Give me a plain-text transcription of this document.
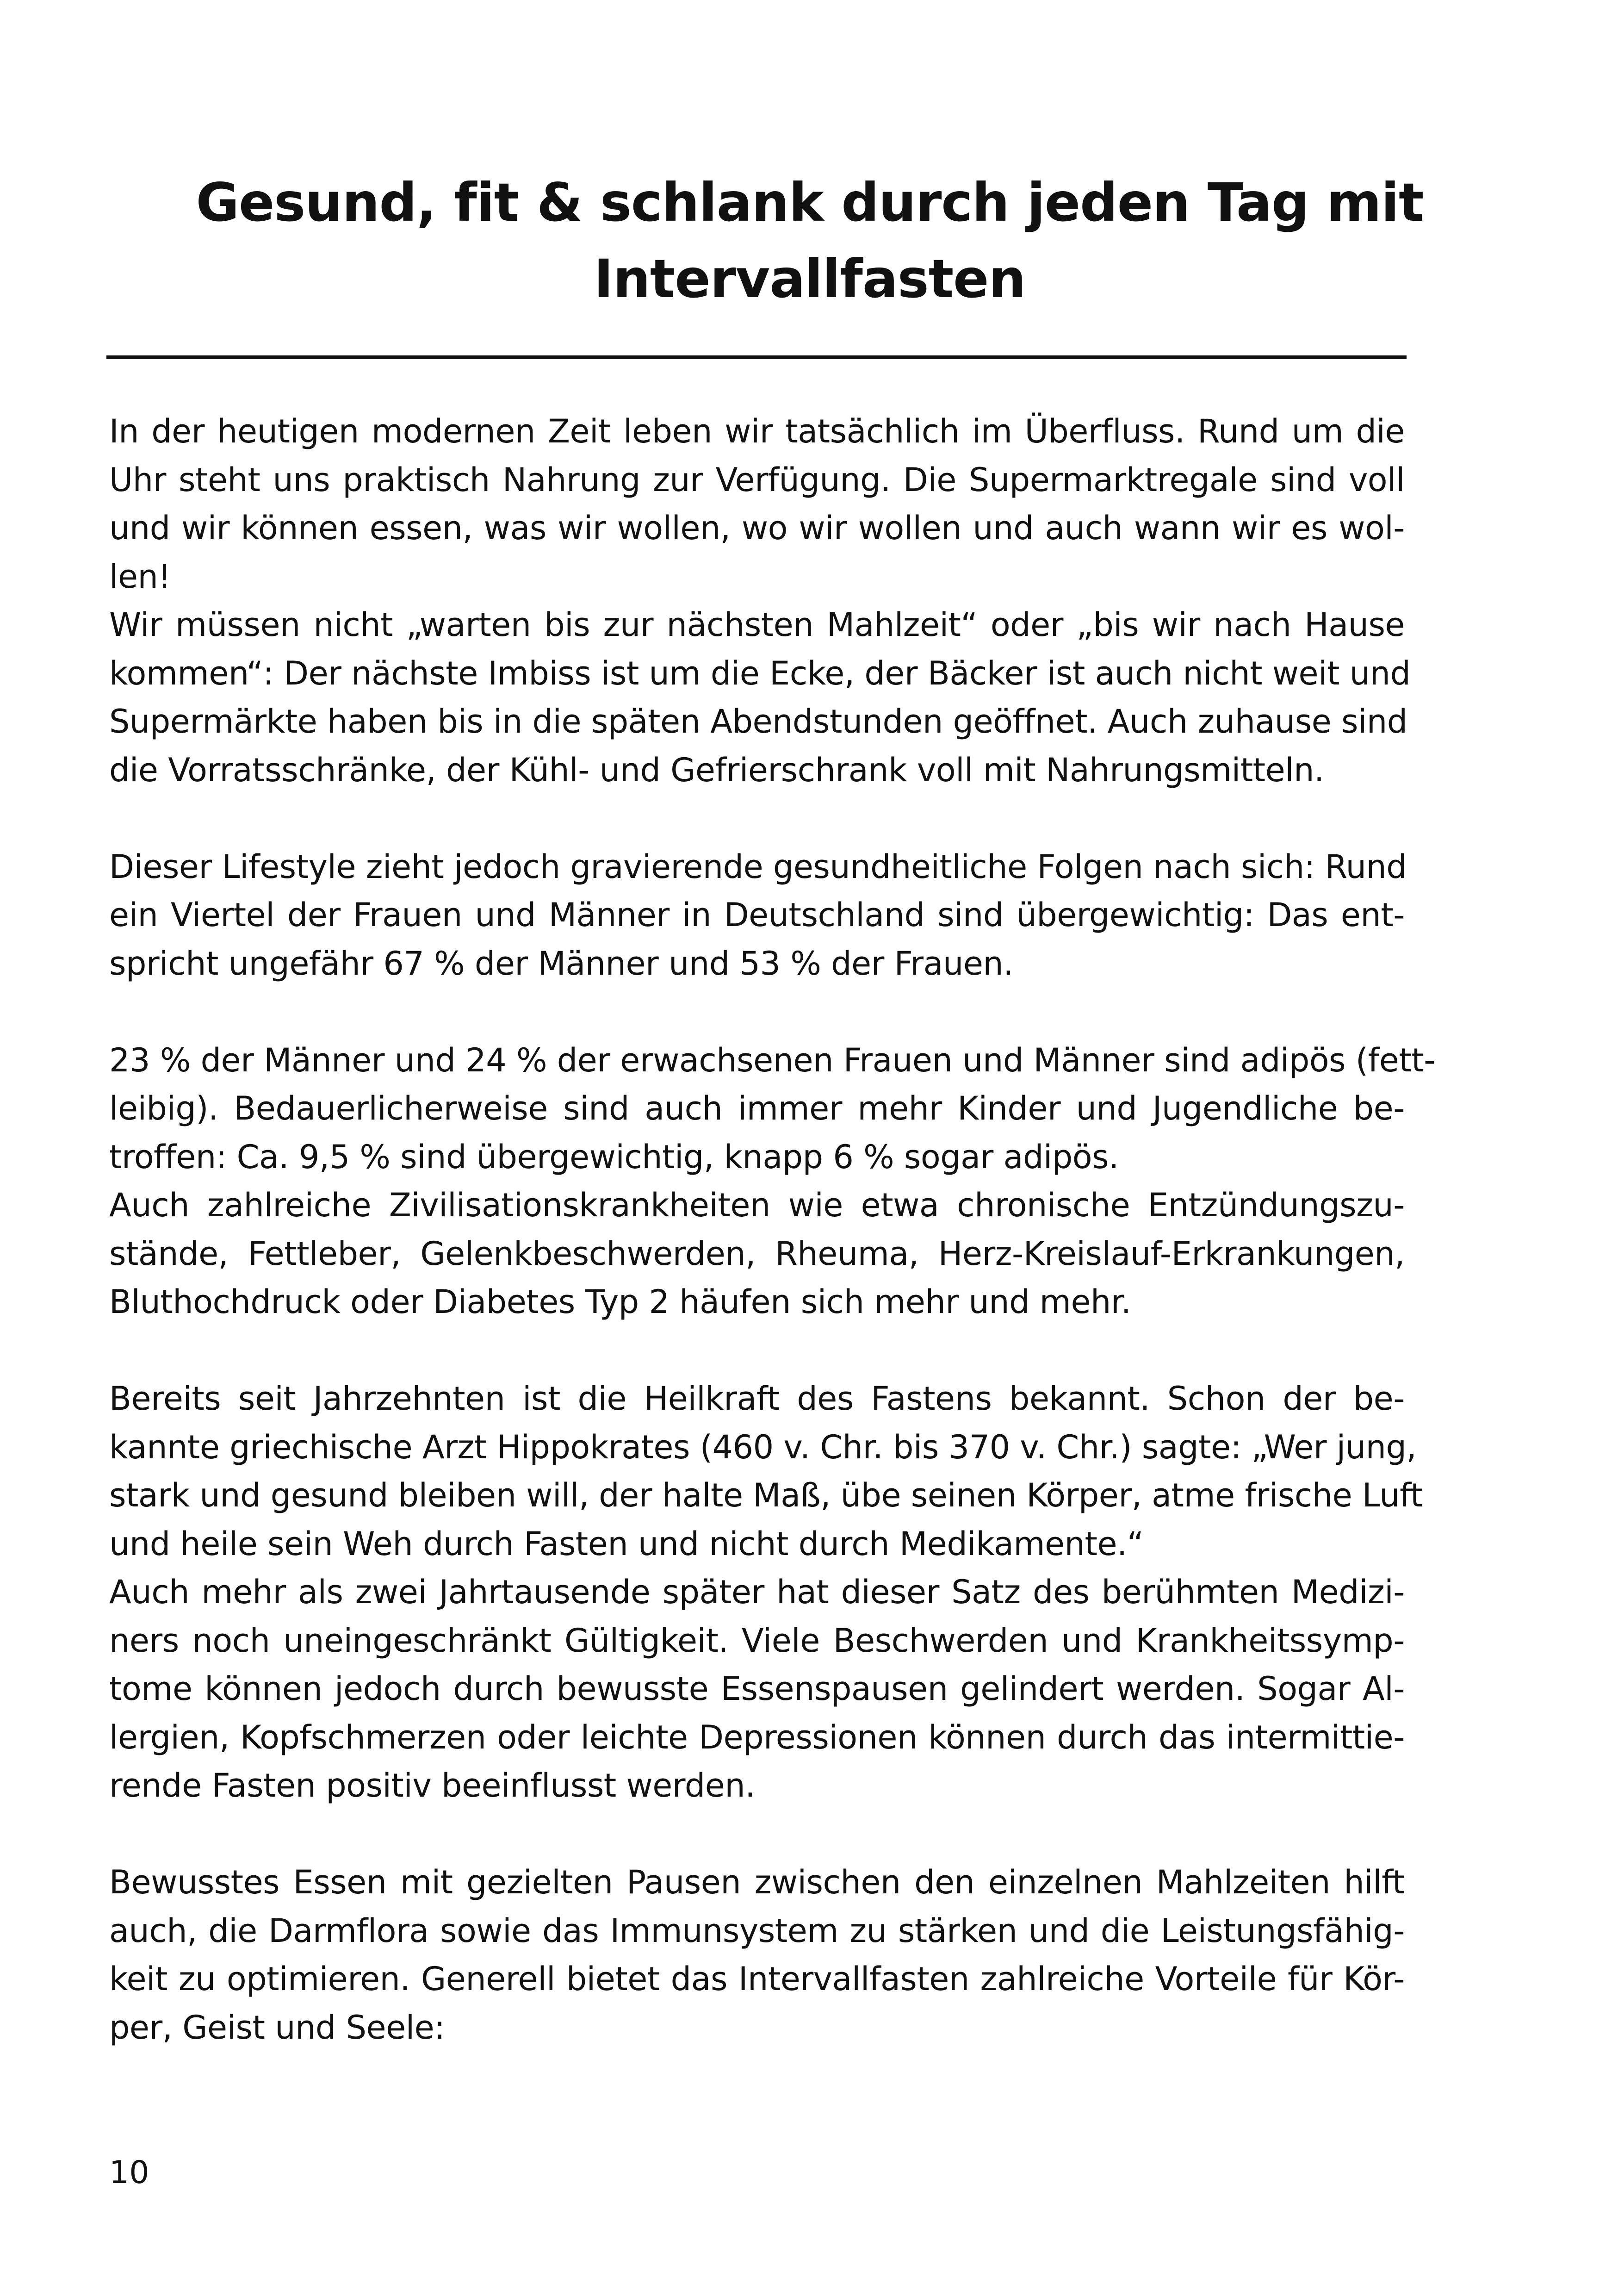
Gesund, fit & schlank durch jeden Tag mit
Intervallfasten
In der heutigen modernen Zeit leben wir tatsächlich im Überfluss. Rund um die
Uhr steht uns praktisch Nahrung zur Verfügung. Die Supermarktregale sind voll
und wir können essen, was wir wollen, wo wir wollen und auch wann wir es wol-
len!
Wir müssen nicht „warten bis zur nächsten Mahlzeit“ oder „bis wir nach Hause
kommen“: Der nächste Imbiss ist um die Ecke, der Bäcker ist auch nicht weit und
Supermärkte haben bis in die späten Abendstunden geöffnet. Auch zuhause sind
die Vorratsschränke, der Kühl- und Gefrierschrank voll mit Nahrungsmitteln.
Dieser Lifestyle zieht jedoch gravierende gesundheitliche Folgen nach sich: Rund
ein Viertel der Frauen und Männer in Deutschland sind übergewichtig: Das ent-
spricht ungefähr 67 % der Männer und 53 % der Frauen.
23 % der Männer und 24 % der erwachsenen Frauen und Männer sind adipös (fett-
leibig). Bedauerlicherweise sind auch immer mehr Kinder und Jugendliche be-
troffen: Ca. 9,5 % sind übergewichtig, knapp 6 % sogar adipös.
Auch zahlreiche Zivilisationskrankheiten wie etwa chronische Entzündungszu-
stände, Fettleber, Gelenkbeschwerden, Rheuma, Herz-Kreislauf-Erkrankungen,
Bluthochdruck oder Diabetes Typ 2 häufen sich mehr und mehr.
Bereits seit Jahrzehnten ist die Heilkraft des Fastens bekannt. Schon der be-
kannte griechische Arzt Hippokrates (460 v. Chr. bis 370 v. Chr.) sagte: „Wer jung,
stark und gesund bleiben will, der halte Maß, übe seinen Körper, atme frische Luft
und heile sein Weh durch Fasten und nicht durch Medikamente.“
Auch mehr als zwei Jahrtausende später hat dieser Satz des berühmten Medizi-
ners noch uneingeschränkt Gültigkeit. Viele Beschwerden und Krankheitssymp-
tome können jedoch durch bewusste Essenspausen gelindert werden. Sogar Al-
lergien, Kopfschmerzen oder leichte Depressionen können durch das intermittie-
rende Fasten positiv beeinflusst werden.
Bewusstes Essen mit gezielten Pausen zwischen den einzelnen Mahlzeiten hilft
auch, die Darmflora sowie das Immunsystem zu stärken und die Leistungsfähig-
keit zu optimieren. Generell bietet das Intervallfasten zahlreiche Vorteile für Kör-
per, Geist und Seele:
10
